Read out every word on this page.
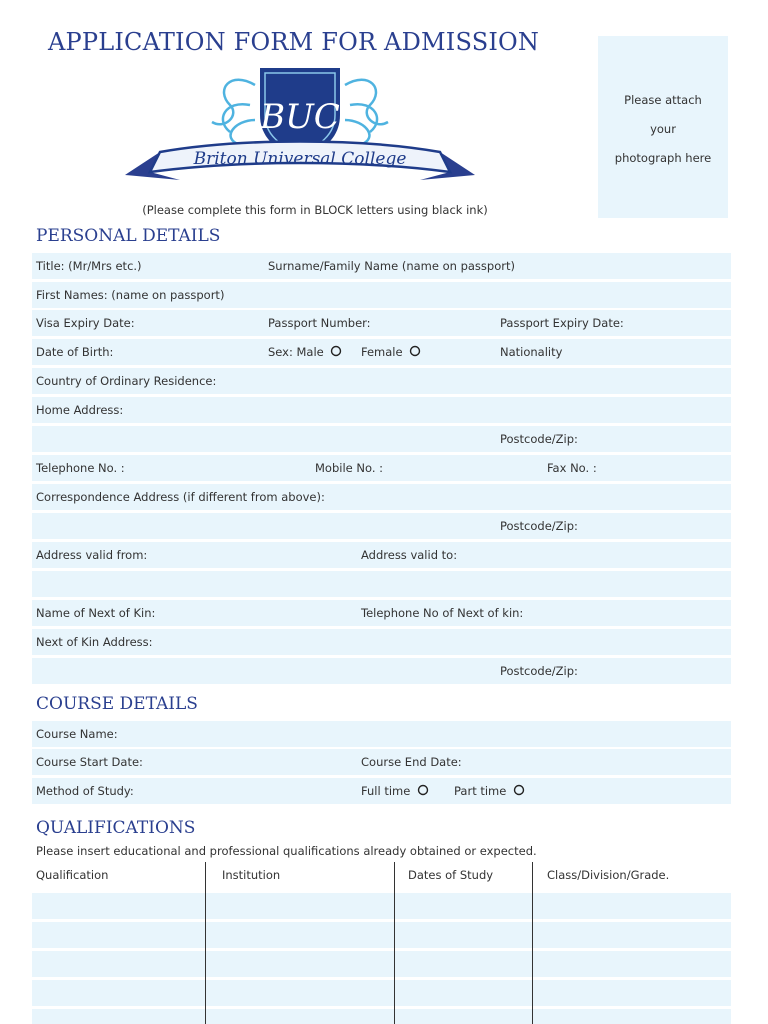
APPLICATION FORM FOR ADMISSION
BUC
Briton Universal College
(Please complete this form in BLOCK letters using black ink)
Please attach
your
photograph here
PERSONAL DETAILS
Title: (Mr/Mrs etc.)	Surname/Family Name (name on passport)
First Names: (name on passport)
Visa Expiry Date:	Passport Number:	Passport Expiry Date:
Date of Birth:	Sex: Male	Female	Nationality
Country of Ordinary Residence:
Home Address:
Postcode/Zip:
Telephone No. :	Mobile No. :	Fax No. :
Correspondence Address (if different from above):
Postcode/Zip:
Address valid from:	Address valid to:
Name of Next of Kin:	Telephone No of Next of kin:
Next of Kin Address:
Postcode/Zip:
COURSE DETAILS
Course Name:
Course Start Date:	Course End Date:
Method of Study:	Full time	Part time
QUALIFICATIONS
Please insert educational and professional qualifications already obtained or expected.
Qualification	Institution	Dates of Study	Class/Division/Grade.
